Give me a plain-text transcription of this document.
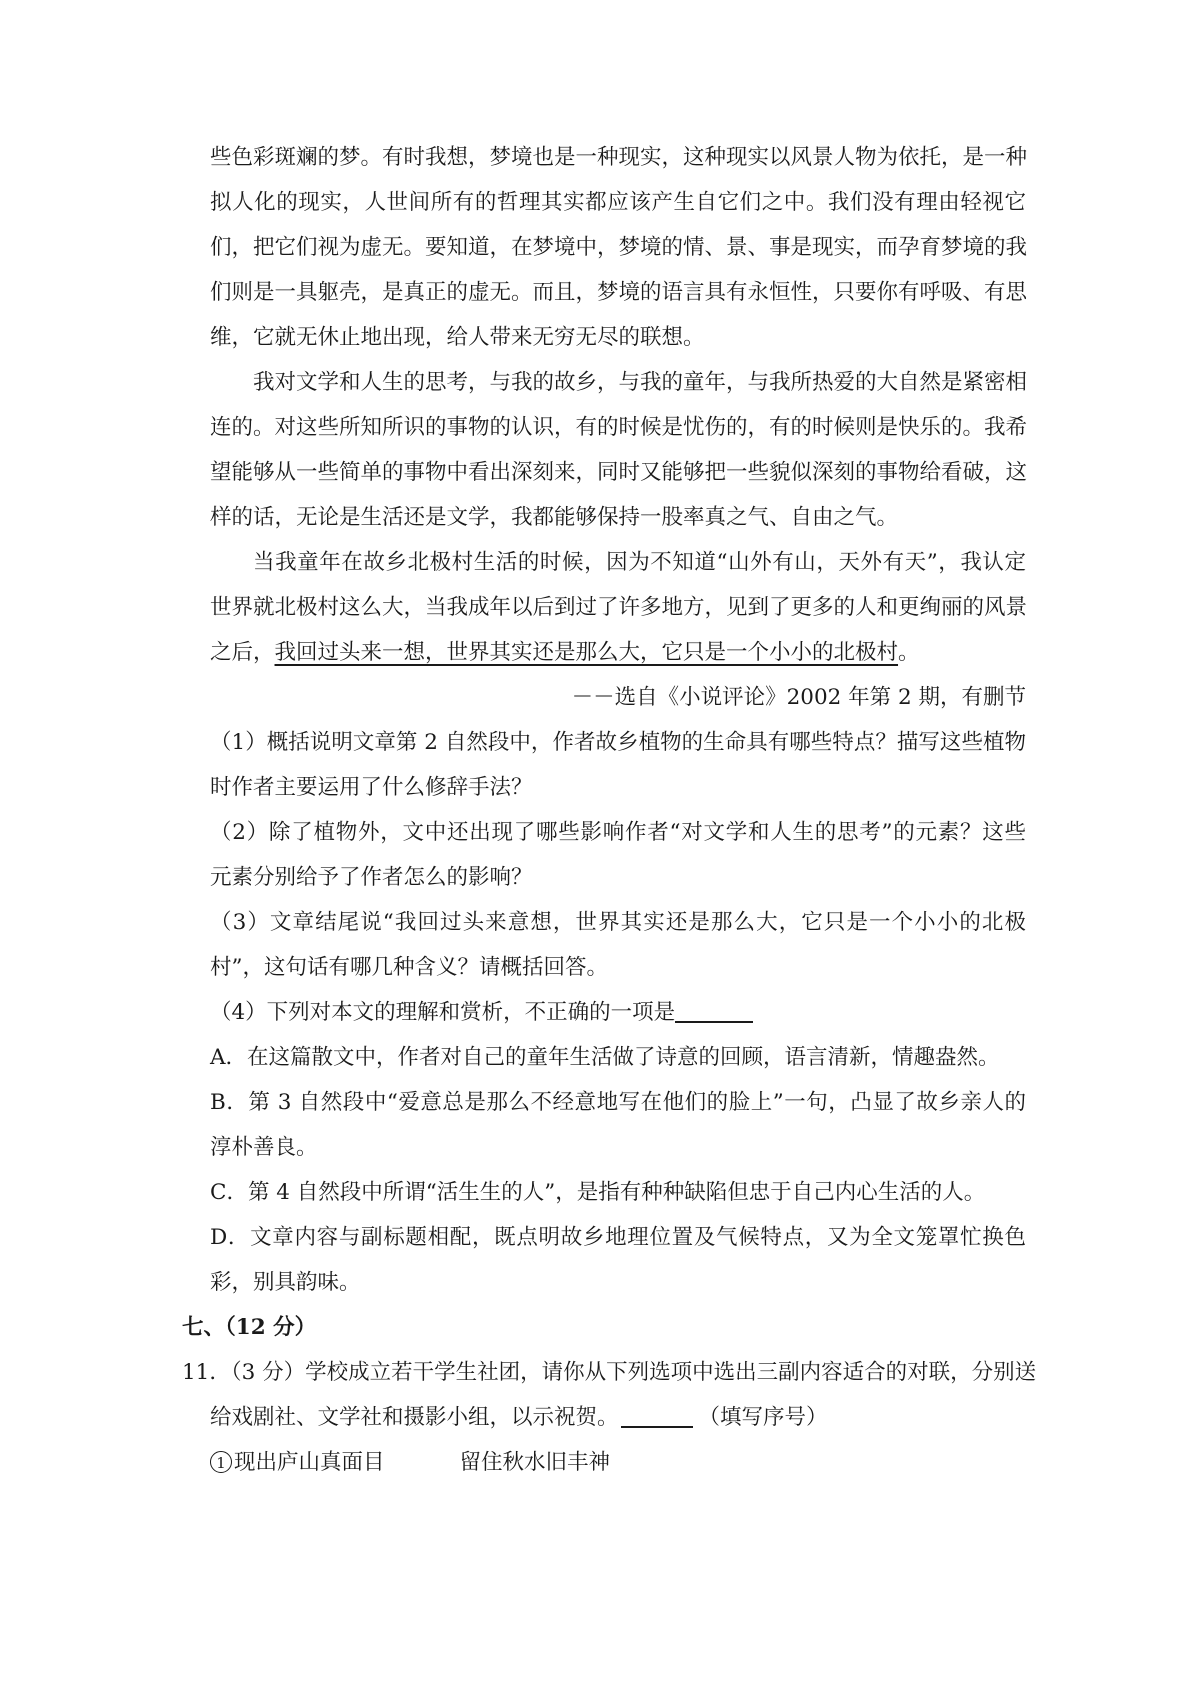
些色彩斑斓的梦。有时我想，梦境也是一种现实，这种现实以风景人物为依托，是一种
拟人化的现实，人世间所有的哲理其实都应该产生自它们之中。我们没有理由轻视它
们，把它们视为虚无。要知道，在梦境中，梦境的情、景、事是现实，而孕育梦境的我
们则是一具躯壳，是真正的虚无。而且，梦境的语言具有永恒性，只要你有呼吸、有思
维，它就无休止地出现，给人带来无穷无尽的联想。
我对文学和人生的思考，与我的故乡，与我的童年，与我所热爱的大自然是紧密相
连的。对这些所知所识的事物的认识，有的时候是忧伤的，有的时候则是快乐的。我希
望能够从一些简单的事物中看出深刻来，同时又能够把一些貌似深刻的事物给看破，这
样的话，无论是生活还是文学，我都能够保持一股率真之气、自由之气。
当我童年在故乡北极村生活的时候，因为不知道“山外有山，天外有天”，我认定
世界就北极村这么大，当我成年以后到过了许多地方，见到了更多的人和更绚丽的风景
之后，我回过头来一想，世界其实还是那么大，它只是一个小小的北极村。
－－选自《小说评论》2002 年第 2 期，有删节
（1）概括说明文章第 2 自然段中，作者故乡植物的生命具有哪些特点？描写这些植物
时作者主要运用了什么修辞手法？
（2）除了植物外，文中还出现了哪些影响作者“对文学和人生的思考”的元素？这些
元素分别给予了作者怎么的影响？
（3）文章结尾说“我回过头来意想，世界其实还是那么大，它只是一个小小的北极
村”，这句话有哪几种含义？请概括回答。
（4）下列对本文的理解和赏析，不正确的一项是
A．在这篇散文中，作者对自己的童年生活做了诗意的回顾，语言清新，情趣盎然。
B．第 3 自然段中“爱意总是那么不经意地写在他们的脸上”一句，凸显了故乡亲人的
淳朴善良。
C．第 4 自然段中所谓“活生生的人”，是指有种种缺陷但忠于自己内心生活的人。
D．文章内容与副标题相配，既点明故乡地理位置及气候特点，又为全文笼罩忙换色
彩，别具韵味。
七、（12 分）
11．（3 分）学校成立若干学生社团，请你从下列选项中选出三副内容适合的对联，分别送
给戏剧社、文学社和摄影小组，以示祝贺。	（填写序号）
1 现出庐山真面目	留住秋水旧丰神
